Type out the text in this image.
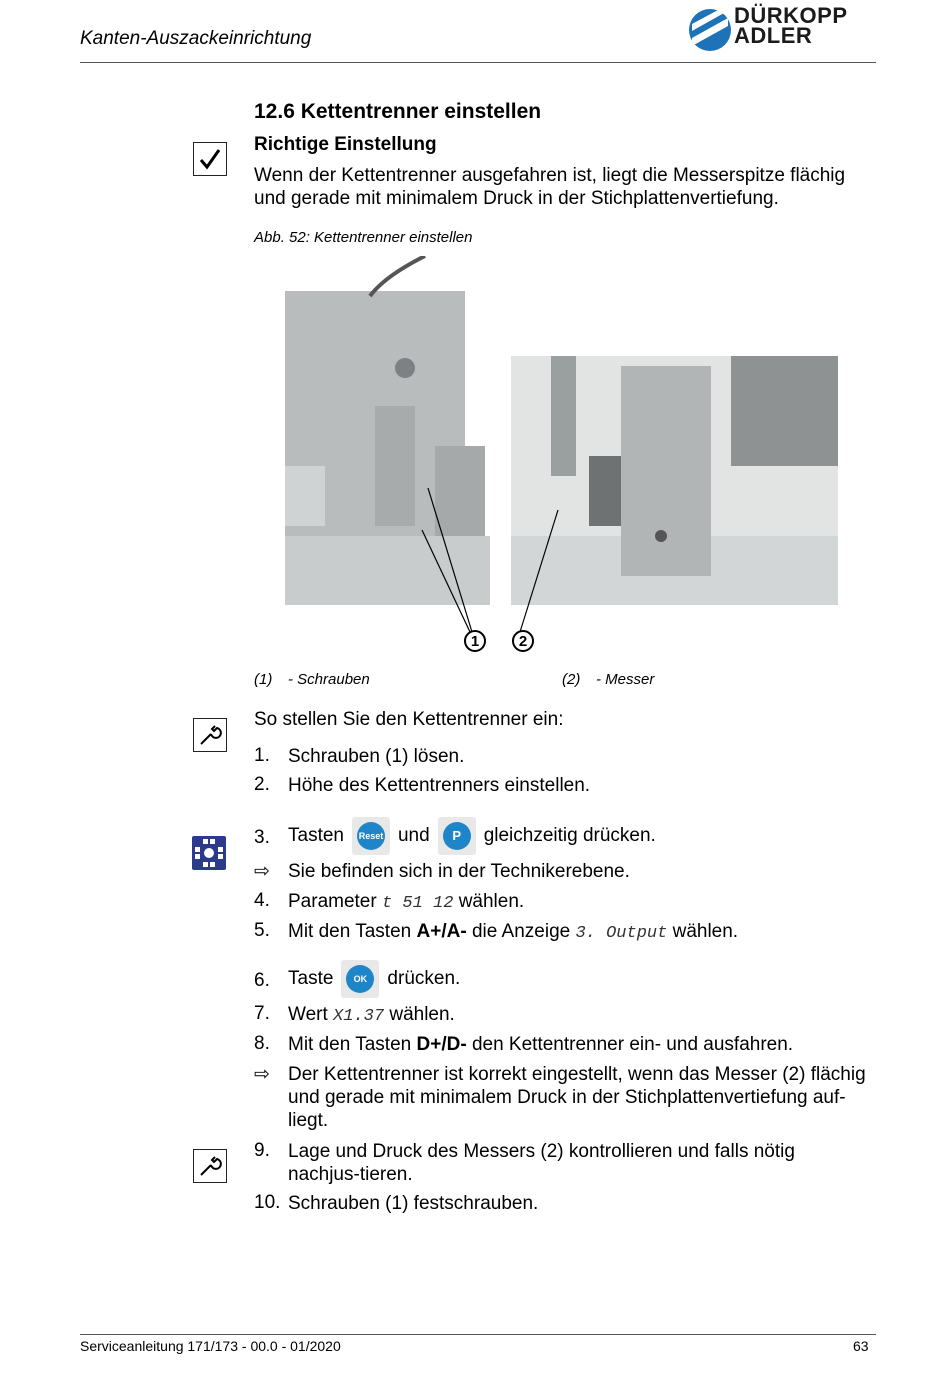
Kanten-Auszackeinrichtung
DÜRKOPP
ADLER
12.6 Kettentrenner einstellen
Richtige Einstellung
Wenn der Kettentrenner ausgefahren ist, liegt die Messerspitze flächig und gerade mit minimalem Druck in der Stichplattenvertiefung.
Abb. 52: Kettentrenner einstellen
1	2
(1) - Schrauben	(2) - Messer
So stellen Sie den Kettentrenner ein:
1. Schrauben (1) lösen.
2. Höhe des Kettentrenners einstellen.
3. Tasten Reset und	P	gleichzeitig drücken.
⇨ Sie befinden sich in der Technikerebene.
4. Parameter t 51 12 wählen.
5. Mit den Tasten A+/A- die Anzeige 3. Output wählen.
6. Taste	OK	drücken.
7. Wert X1.37 wählen.
8. Mit den Tasten D+/D- den Kettentrenner ein- und ausfahren.
⇨ Der Kettentrenner ist korrekt eingestellt, wenn das Messer (2) flächig und gerade mit minimalem Druck in der Stichplattenvertiefung auf-liegt.
9. Lage und Druck des Messers (2) kontrollieren und falls nötig nachjus-tieren.
10. Schrauben (1) festschrauben.
Serviceanleitung 171/173 - 00.0 - 01/2020	63
